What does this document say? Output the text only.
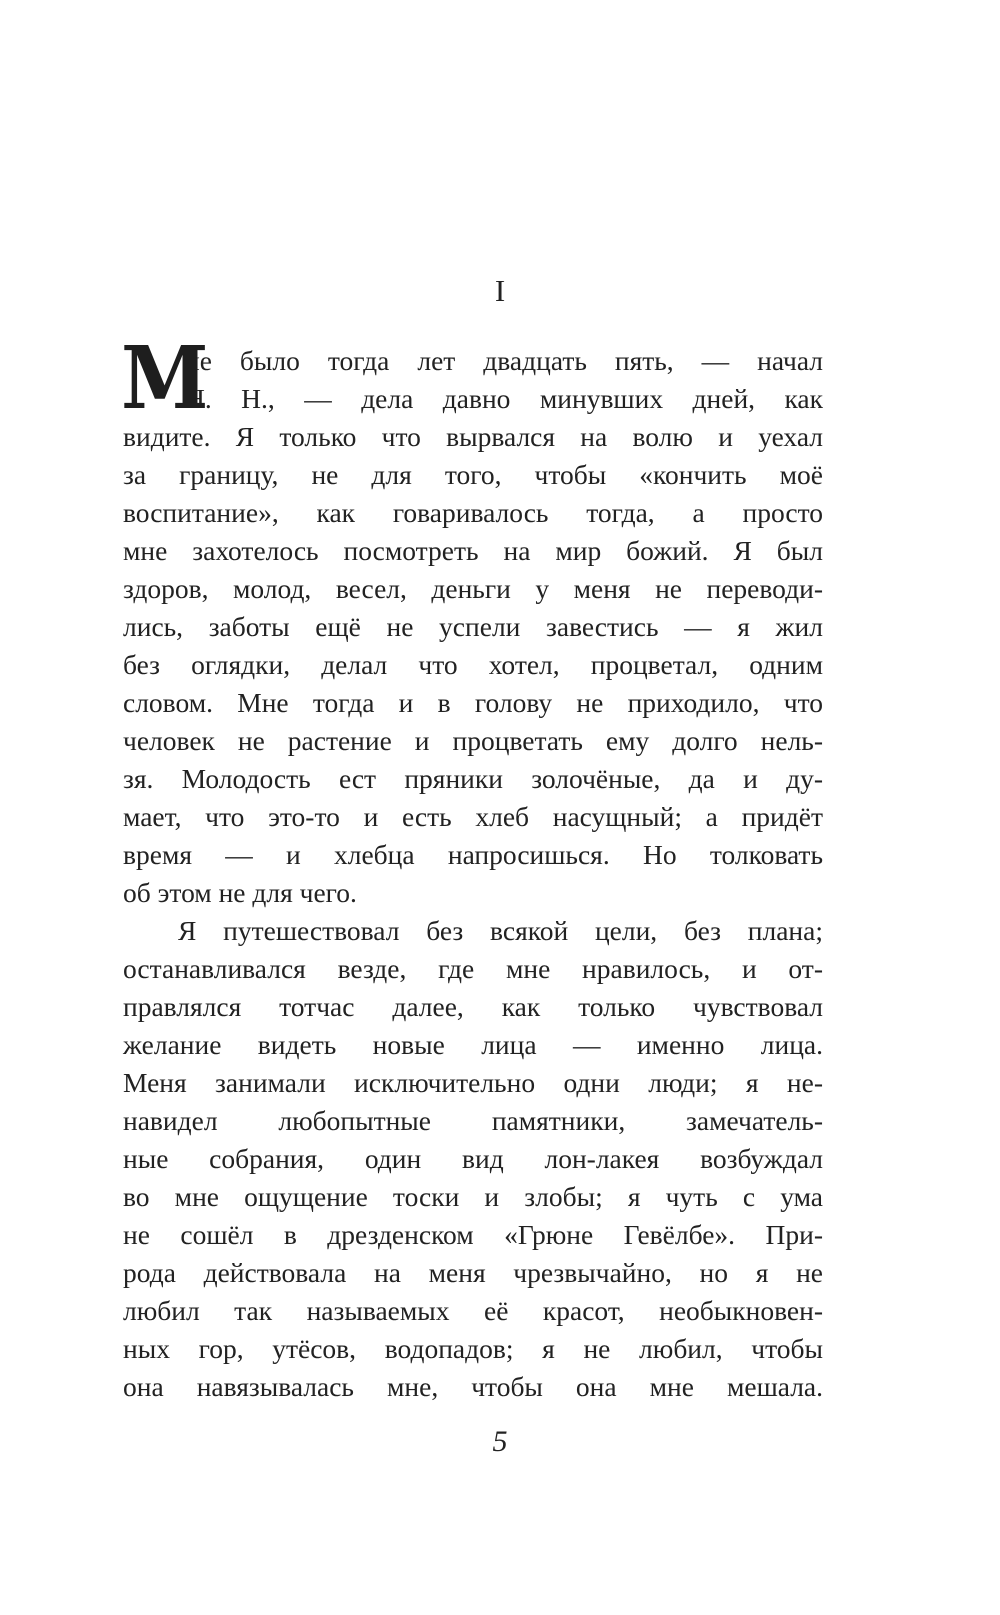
I
М
не было тогда лет двадцать пять, — начал
Н. Н., — дела давно минувших дней, как
видите. Я только что вырвался на волю и уехал
за границу, не для того, чтобы «кончить моё
воспитание», как говаривалось тогда, а просто
мне захотелось посмотреть на мир божий. Я был
здоров, молод, весел, деньги у меня не переводи-
лись, заботы ещё не успели завестись — я жил
без оглядки, делал что хотел, процветал, одним
словом. Мне тогда и в голову не приходило, что
человек не растение и процветать ему долго нель-
зя. Молодость ест пряники золочёные, да и ду-
мает, что это-то и есть хлеб насущный; а придёт
время — и хлебца напросишься. Но толковать
об этом не для чего.
Я путешествовал без всякой цели, без плана;
останавливался везде, где мне нравилось, и от-
правлялся тотчас далее, как только чувствовал
желание видеть новые лица — именно лица.
Меня занимали исключительно одни люди; я не-
навидел любопытные памятники, замечатель-
ные собрания, один вид лон-лакея возбуждал
во мне ощущение тоски и злобы; я чуть с ума
не сошёл в дрезденском «Грюне Гевёлбе». При-
рода действовала на меня чрезвычайно, но я не
любил так называемых её красот, необыкновен-
ных гор, утёсов, водопадов; я не любил, чтобы
она навязывалась мне, чтобы она мне мешала.
5
